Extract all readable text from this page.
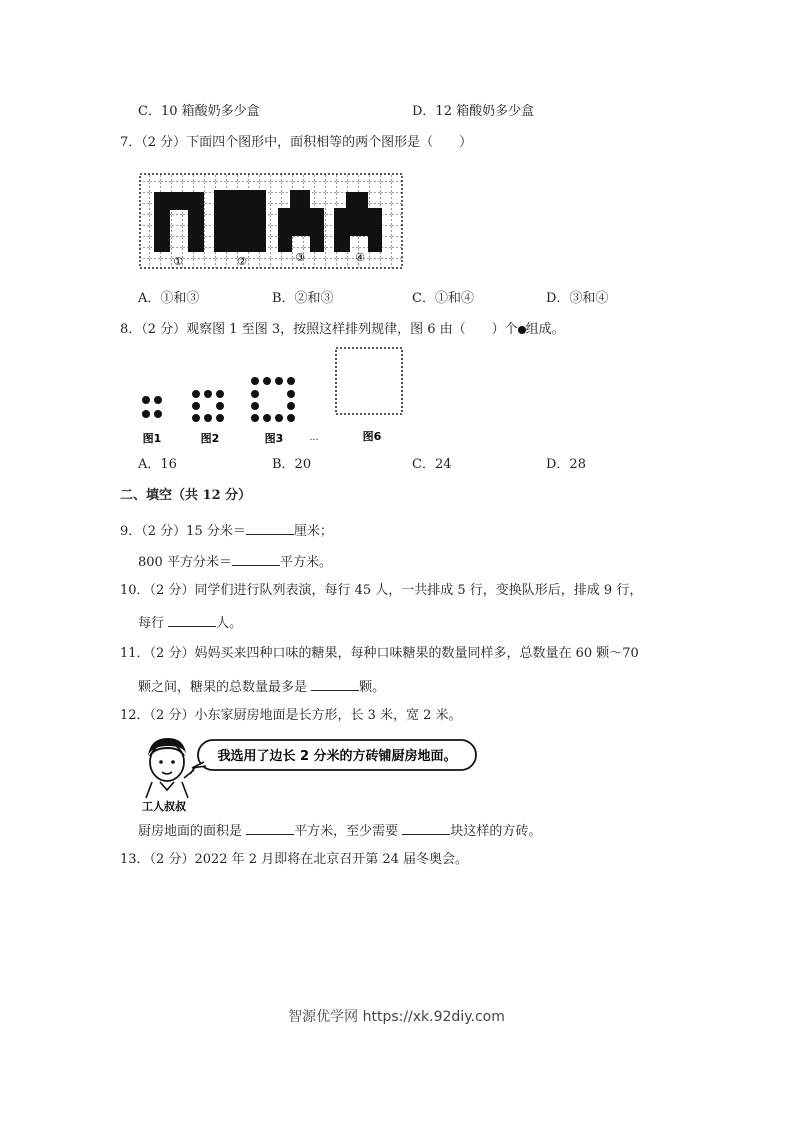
C．10 箱酸奶多少盒	D．12 箱酸奶多少盒
7．（2 分）下面四个图形中，面积相等的两个图形是（　　）
①	②	③	④
A．①和③	B．②和③	C．①和④	D．③和④
8．（2 分）观察图 1 至图 3，按照这样排列规律，图 6 由（　　）个 组成。
图1	图2	图3	…	图6
A．16	B．20	C．24	D．28
二、填空（共 12 分）
9．（2 分）15 分米＝	厘米；
800 平方分米＝	平方米。
10．（2 分）同学们进行队列表演，每行 45 人，一共排成 5 行，变换队形后，排成 9 行，
每行	人。
11．（2 分）妈妈买来四种口味的糖果，每种口味糖果的数量同样多，总数量在 60 颗～70
颗之间，糖果的总数量最多是	颗。
12．（2 分）小东家厨房地面是长方形，长 3 米，宽 2 米。
我选用了边长 2 分米的方砖铺厨房地面。
工人叔叔
厨房地面的面积是	平方米，至少需要	块这样的方砖。
13．（2 分）2022 年 2 月即将在北京召开第 24 届冬奥会。
智源优学网 https://xk.92diy.com
